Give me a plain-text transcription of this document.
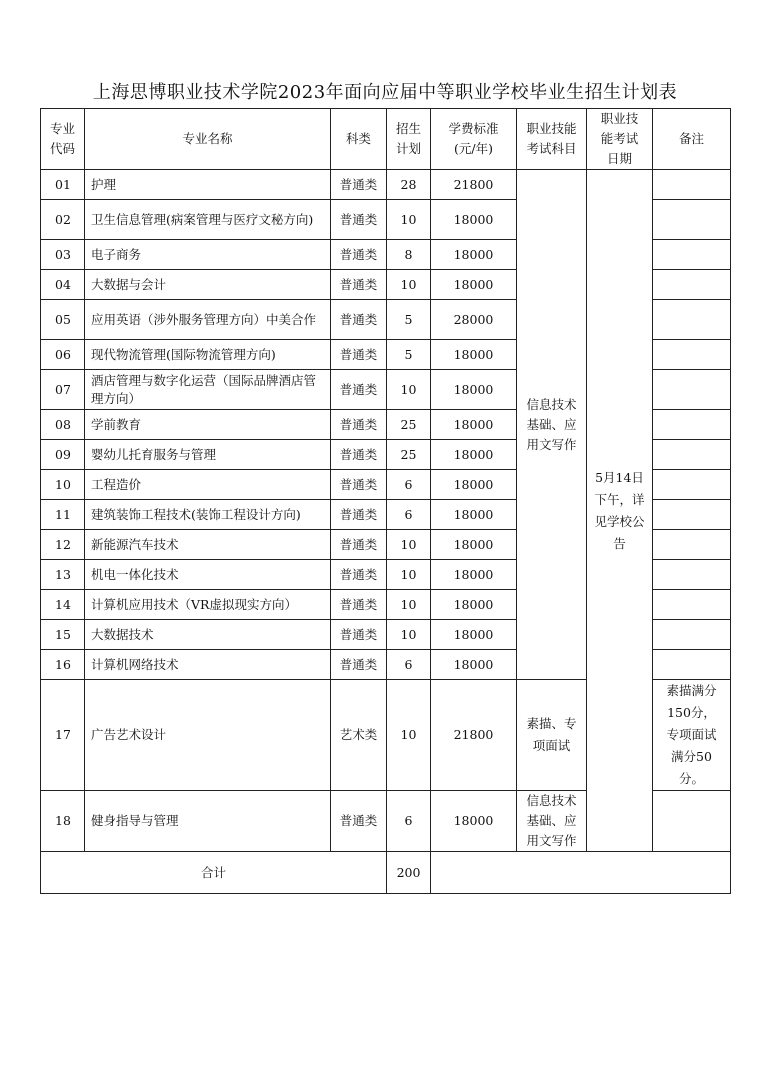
上海思博职业技术学院2023年面向应届中等职业学校毕业生招生计划表
专业代码	专业名称	科类	招生计划	学费标准(元/年)	职业技能考试科目	职业技能考试日期	备注
01	护理	普通类	28	21800	信息技术基础、应用文写作	5月14日下午，详见学校公告	

02	卫生信息管理(病案管理与医疗文秘方向)	普通类	10	18000			
03	电子商务	普通类	8	18000			
04	大数据与会计	普通类	10	18000			
05	应用英语（涉外服务管理方向）中美合作	普通类	5	28000			
06	现代物流管理(国际物流管理方向)	普通类	5	18000			
07	酒店管理与数字化运营（国际品牌酒店管理方向）	普通类	10	18000			
08	学前教育	普通类	25	18000			
09	婴幼儿托育服务与管理	普通类	25	18000			
10	工程造价	普通类	6	18000			
11	建筑装饰工程技术(装饰工程设计方向)	普通类	6	18000			
12	新能源汽车技术	普通类	10	18000			
13	机电一体化技术	普通类	10	18000			
14	计算机应用技术（VR虚拟现实方向）	普通类	10	18000			
15	大数据技术	普通类	10	18000			
16	计算机网络技术	普通类	6	18000			
17	广告艺术设计	艺术类	10	21800	素描、专项面试		素描满分150分，专项面试满分50分。

18	健身指导与管理	普通类	6	18000	信息技术基础、应用文写作		

合计			200				
